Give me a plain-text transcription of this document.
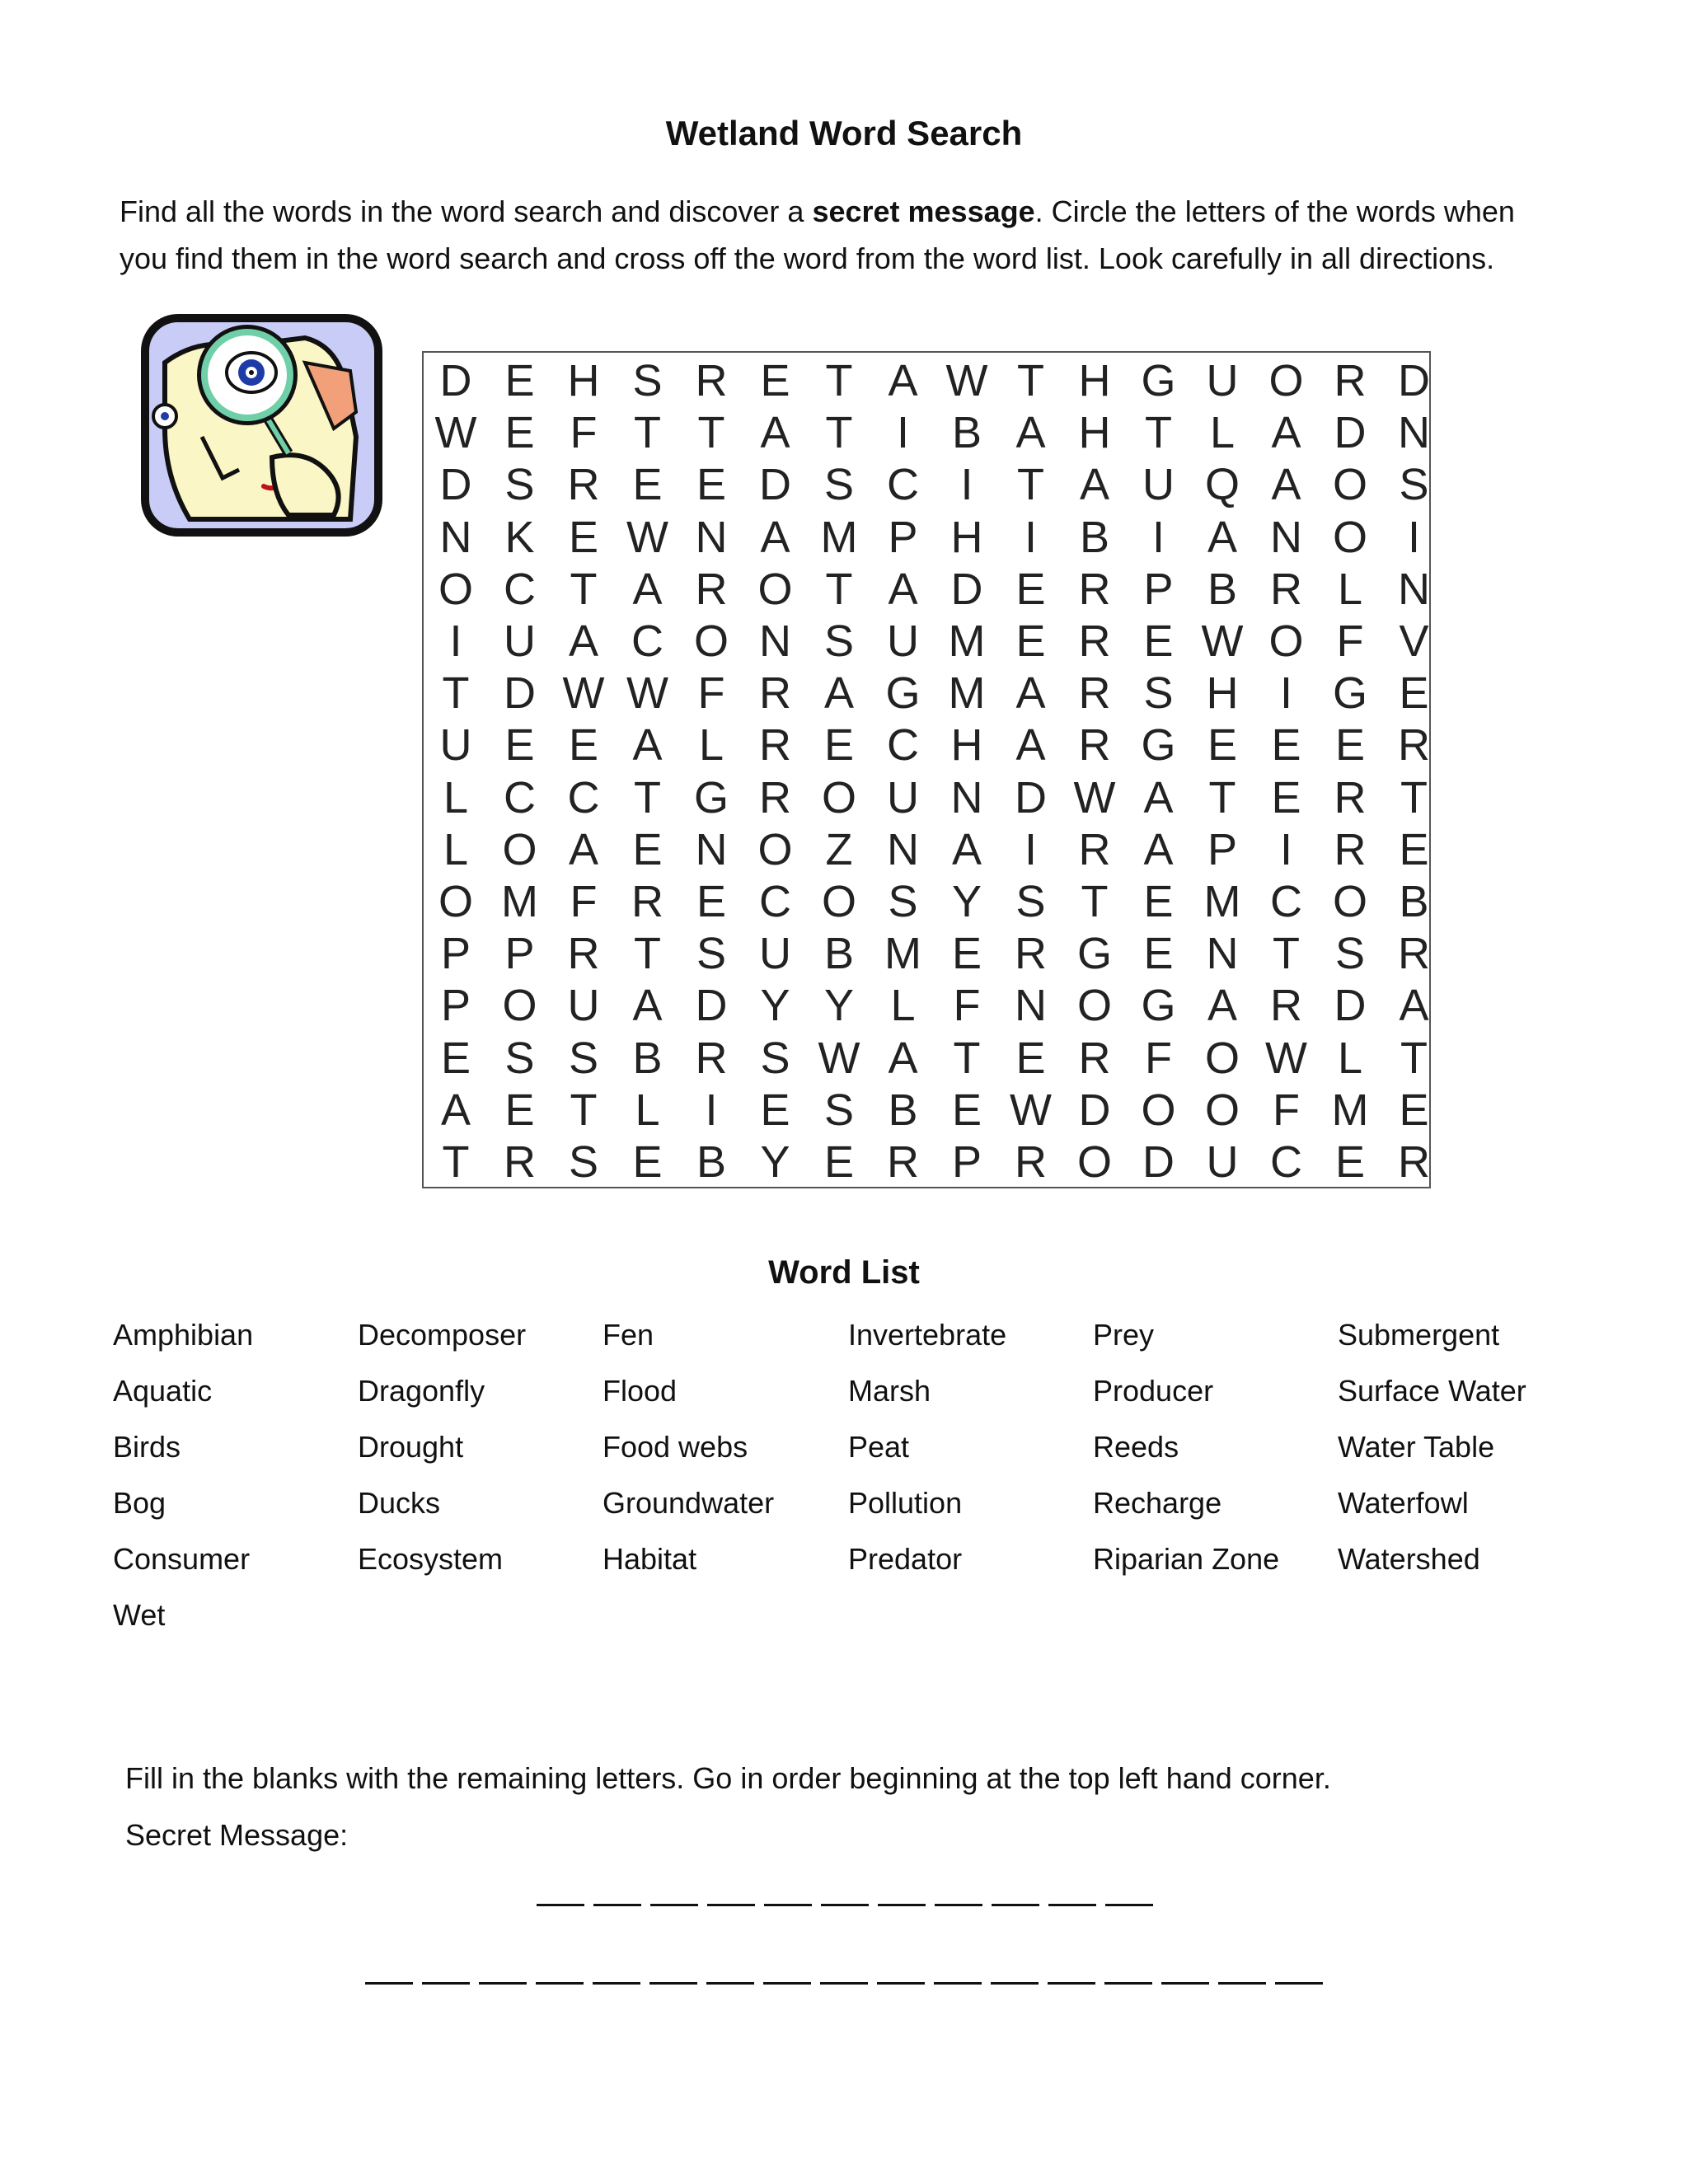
Wetland Word Search
Find all the words in the word search and discover a secret message. Circle the letters of the words when you find them in the word search and cross off the word from the word list. Look carefully in all directions.
D E H S R E T A W T H G U O R D
W E F T T A T I B A H T L A D N
D S R E E D S C I T A U Q A O S
N K E W N A M P H I B I A N O I
O C T A R O T A D E R P B R L N
I U A C O N S U M E R E W O F V
T D W W F R A G M A R S H I G E
U E E A L R E C H A R G E E E R
L C C T G R O U N D W A T E R T
L O A E N O Z N A I R A P I R E
O M F R E C O S Y S T E M C O B
P P R T S U B M E R G E N T S R
P O U A D Y Y L F N O G A R D A
E S S B R S W A T E R F O W L T
A E T L	I E S B E W D O O F M E
T R S E B Y E R P R O D U C E R
Word List
Amphibian
Aquatic
Birds
Bog
Consumer
Wet
Decomposer
Dragonfly
Drought
Ducks
Ecosystem
Fen
Flood
Food webs
Groundwater
Habitat
Invertebrate
Marsh
Peat
Pollution
Predator
Prey
Producer
Reeds
Recharge
Riparian Zone
Submergent
Surface Water
Water Table
Waterfowl
Watershed
Fill in the blanks with the remaining letters. Go in order beginning at the top left hand corner.
Secret Message:
